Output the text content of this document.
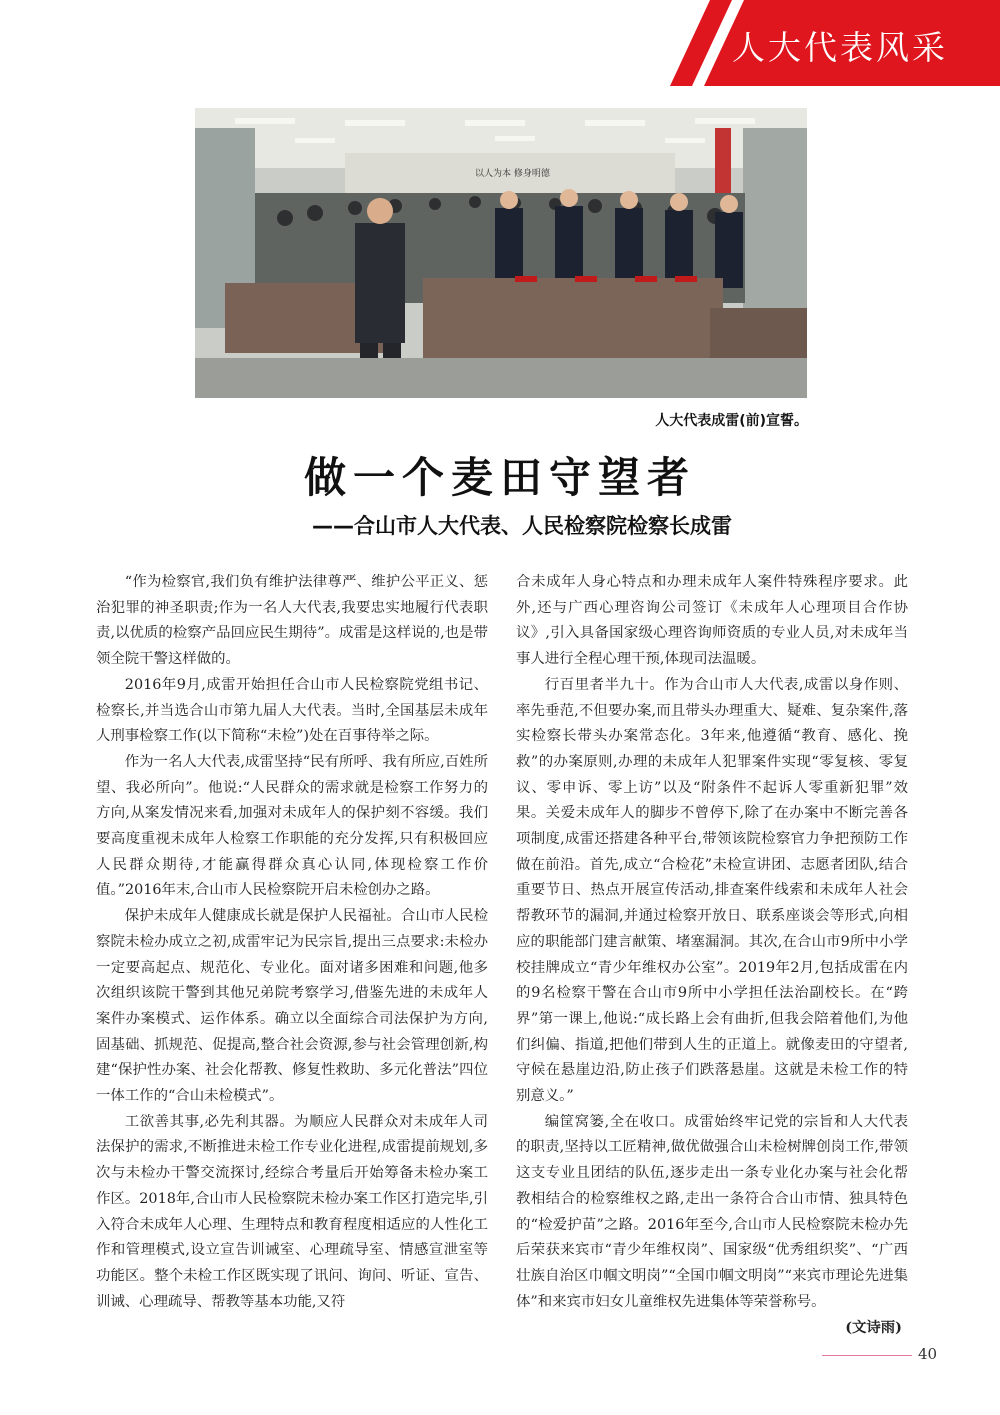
人大代表风采
以人为本 修身明德
人大代表成雷(前)宣誓。
做一个麦田守望者
——合山市人大代表、人民检察院检察长成雷

“作为检察官,我们负有维护法律尊严、维护公平正义、惩治犯罪的神圣职责;作为一名人大代表,我要忠实地履行代表职责,以优质的检察产品回应民生期待”。成雷是这样说的,也是带领全院干警这样做的。

2016年9月,成雷开始担任合山市人民检察院党组书记、检察长,并当选合山市第九届人大代表。当时,全国基层未成年人刑事检察工作(以下简称“未检”)处在百事待举之际。

作为一名人大代表,成雷坚持“民有所呼、我有所应,百姓所望、我必所向”。他说:“人民群众的需求就是检察工作努力的方向,从案发情况来看,加强对未成年人的保护刻不容缓。我们要高度重视未成年人检察工作职能的充分发挥,只有积极回应人民群众期待,才能赢得群众真心认同,体现检察工作价值。”2016年末,合山市人民检察院开启未检创办之路。

保护未成年人健康成长就是保护人民福祉。合山市人民检察院未检办成立之初,成雷牢记为民宗旨,提出三点要求:未检办一定要高起点、规范化、专业化。面对诸多困难和问题,他多次组织该院干警到其他兄弟院考察学习,借鉴先进的未成年人案件办案模式、运作体系。确立以全面综合司法保护为方向,固基础、抓规范、促提高,整合社会资源,参与社会管理创新,构建“保护性办案、社会化帮教、修复性救助、多元化普法”四位一体工作的“合山未检模式”。

工欲善其事,必先利其器。为顺应人民群众对未成年人司法保护的需求,不断推进未检工作专业化进程,成雷提前规划,多次与未检办干警交流探讨,经综合考量后开始筹备未检办案工作区。2018年,合山市人民检察院未检办案工作区打造完毕,引入符合未成年人心理、生理特点和教育程度相适应的人性化工作和管理模式,设立宣告训诫室、心理疏导室、情感宣泄室等功能区。整个未检工作区既实现了讯问、询问、听证、宣告、训诫、心理疏导、帮教等基本功能,又符

合未成年人身心特点和办理未成年人案件特殊程序要求。此外,还与广西心理咨询公司签订《未成年人心理项目合作协议》,引入具备国家级心理咨询师资质的专业人员,对未成年当事人进行全程心理干预,体现司法温暖。

行百里者半九十。作为合山市人大代表,成雷以身作则、率先垂范,不但要办案,而且带头办理重大、疑难、复杂案件,落实检察长带头办案常态化。3年来,他遵循“教育、感化、挽救”的办案原则,办理的未成年人犯罪案件实现“零复核、零复议、零申诉、零上访”以及“附条件不起诉人零重新犯罪”效果。关爱未成年人的脚步不曾停下,除了在办案中不断完善各项制度,成雷还搭建各种平台,带领该院检察官力争把预防工作做在前沿。首先,成立“合检花”未检宣讲团、志愿者团队,结合重要节日、热点开展宣传活动,排查案件线索和未成年人社会帮教环节的漏洞,并通过检察开放日、联系座谈会等形式,向相应的职能部门建言献策、堵塞漏洞。其次,在合山市9所中小学校挂牌成立“青少年维权办公室”。2019年2月,包括成雷在内的9名检察干警在合山市9所中小学担任法治副校长。在“跨界”第一课上,他说:“成长路上会有曲折,但我会陪着他们,为他们纠偏、指道,把他们带到人生的正道上。就像麦田的守望者,守候在悬崖边沿,防止孩子们跌落悬崖。这就是未检工作的特别意义。”

编筐窝篓,全在收口。成雷始终牢记党的宗旨和人大代表的职责,坚持以工匠精神,做优做强合山未检树牌创岗工作,带领这支专业且团结的队伍,逐步走出一条专业化办案与社会化帮教相结合的检察维权之路,走出一条符合合山市情、独具特色的“检爱护苗”之路。2016年至今,合山市人民检察院未检办先后荣获来宾市“青少年维权岗”、国家级“优秀组织奖”、“广西壮族自治区巾帼文明岗”“全国巾帼文明岗”“来宾市理论先进集体”和来宾市妇女儿童维权先进集体等荣誉称号。

(文诗雨)
40
